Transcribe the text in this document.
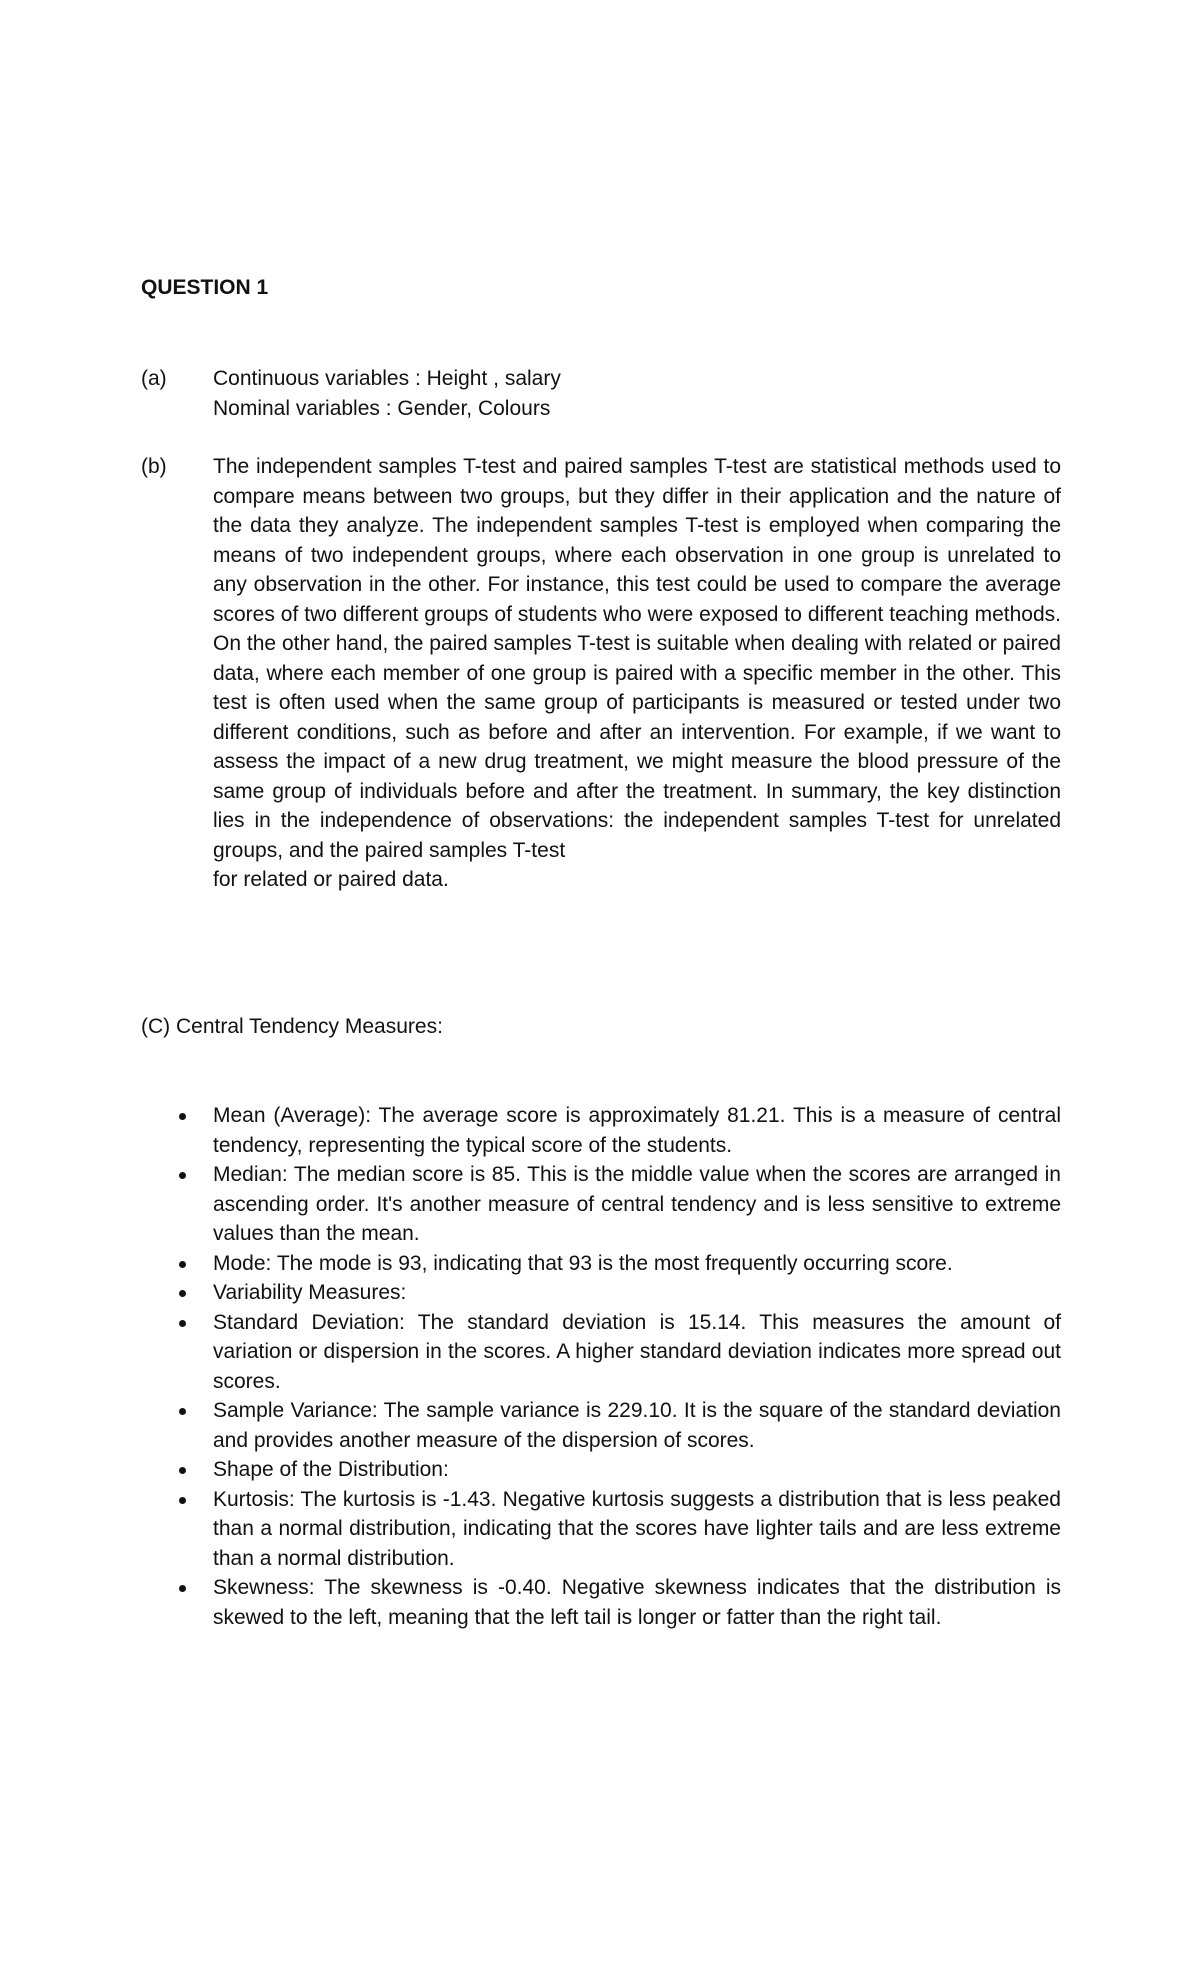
QUESTION 1
(a)	Continuous variables : Height , salary

Nominal variables : Gender, Colours

(b)	The independent samples T-test and paired samples T-test are statistical methods used to compare means between two groups, but they differ in their application and the nature of the data they analyze. The independent samples T-test is employed when comparing the means of two independent groups, where each observation in one group is unrelated to any observation in the other. For instance, this test could be used to compare the average scores of two different groups of students who were exposed to different teaching methods. On the other hand, the paired samples T-test is suitable when dealing with related or paired data, where each member of one group is paired with a specific member in the other. This test is often used when the same group of participants is measured or tested under two different conditions, such as before and after an intervention. For example, if we want to assess the impact of a new drug treatment, we might measure the blood pressure of the same group of individuals before and after the treatment. In summary, the key distinction lies in the independence of observations: the independent samples T-test for unrelated groups, and the paired samples T-test

for related or paired data.

(C) Central Tendency Measures:

Mean (Average): The average score is approximately 81.21. This is a measure of central tendency, representing the typical score of the students.
Median: The median score is 85. This is the middle value when the scores are arranged in ascending order. It's another measure of central tendency and is less sensitive to extreme values than the mean.
Mode: The mode is 93, indicating that 93 is the most frequently occurring score.
Variability Measures:
Standard Deviation: The standard deviation is 15.14. This measures the amount of variation or dispersion in the scores. A higher standard deviation indicates more spread out scores.
Sample Variance: The sample variance is 229.10. It is the square of the standard deviation and provides another measure of the dispersion of scores.
Shape of the Distribution:
Kurtosis: The kurtosis is -1.43. Negative kurtosis suggests a distribution that is less peaked than a normal distribution, indicating that the scores have lighter tails and are less extreme than a normal distribution.
Skewness: The skewness is -0.40. Negative skewness indicates that the distribution is skewed to the left, meaning that the left tail is longer or fatter than the right tail.
